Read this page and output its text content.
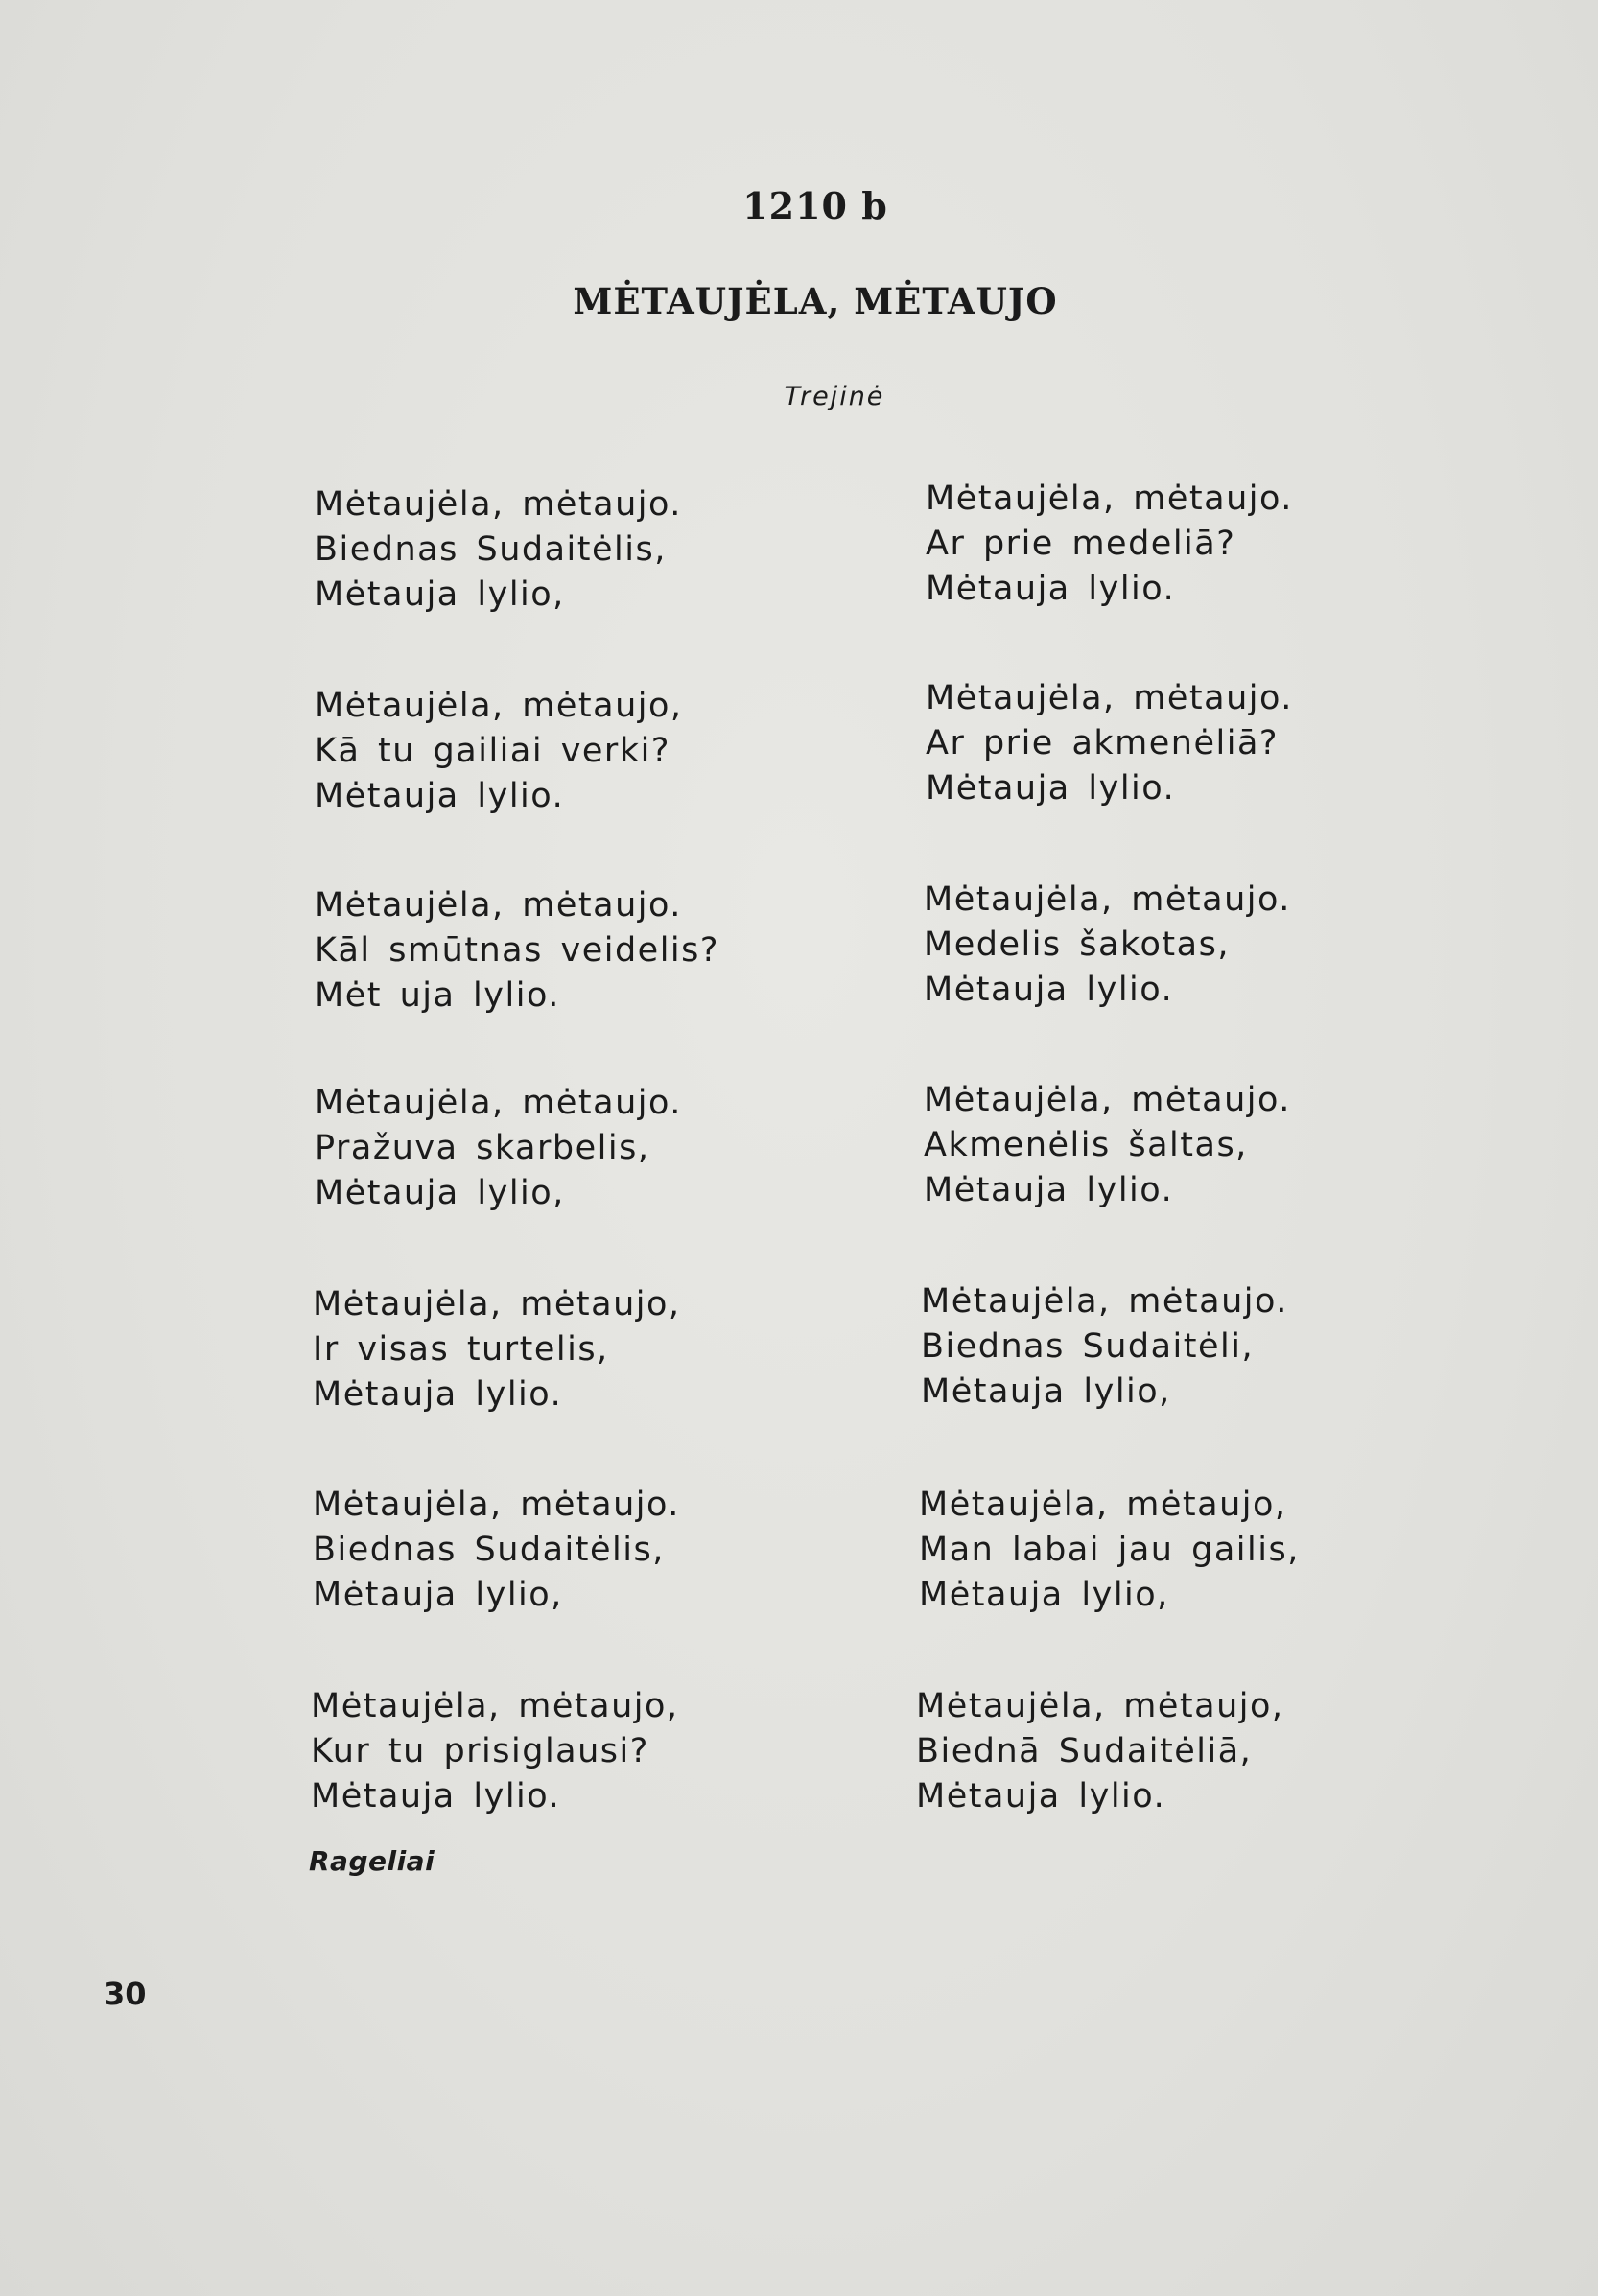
1210 b
MĖTAUJĖLA, MĖTAUJO
Trejinė
Mėtaujėla, mėtaujo.
Biednas Sudaitėlis,
Mėtauja lylio,
Mėtaujėla, mėtaujo,
Kā tu gailiai verki?
Mėtauja lylio.
Mėtaujėla, mėtaujo.
Kāl smūtnas veidelis?
Mėt uja lylio.
Mėtaujėla, mėtaujo.
Pražuva skarbelis,
Mėtauja lylio,
Mėtaujėla, mėtaujo,
Ir visas turtelis,
Mėtauja lylio.
Mėtaujėla, mėtaujo.
Biednas Sudaitėlis,
Mėtauja lylio,
Mėtaujėla, mėtaujo,
Kur tu prisiglausi?
Mėtauja lylio.
Mėtaujėla, mėtaujo.
Ar prie medeliā?
Mėtauja lylio.
Mėtaujėla, mėtaujo.
Ar prie akmenėliā?
Mėtauja lylio.
Mėtaujėla, mėtaujo.
Medelis šakotas,
Mėtauja lylio.
Mėtaujėla, mėtaujo.
Akmenėlis šaltas,
Mėtauja lylio.
Mėtaujėla, mėtaujo.
Biednas Sudaitėli,
Mėtauja lylio,
Mėtaujėla, mėtaujo,
Man labai jau gailis,
Mėtauja lylio,
Mėtaujėla, mėtaujo,
Biednā Sudaitėliā,
Mėtauja lylio.
Rageliai
30
